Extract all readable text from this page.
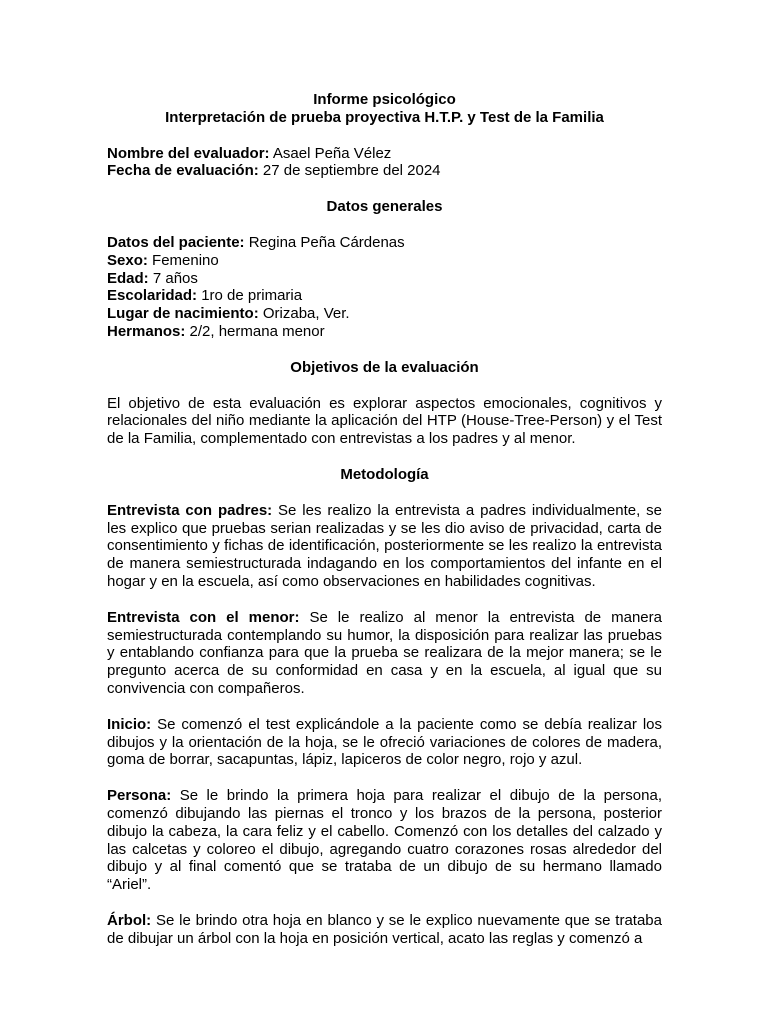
Informe psicológico
Interpretación de prueba proyectiva H.T.P. y Test de la Familia
Nombre del evaluador: Asael Peña Vélez
Fecha de evaluación: 27 de septiembre del 2024
Datos generales
Datos del paciente: Regina Peña Cárdenas
Sexo: Femenino
Edad: 7 años
Escolaridad: 1ro de primaria
Lugar de nacimiento: Orizaba, Ver.
Hermanos: 2/2, hermana menor
Objetivos de la evaluación

El objetivo de esta evaluación es explorar aspectos emocionales, cognitivos y relacionales del niño mediante la aplicación del HTP (House-Tree-Person) y el Test de la Familia, complementado con entrevistas a los padres y al menor.

Metodología

Entrevista con padres: Se les realizo la entrevista a padres individualmente, se les explico que pruebas serian realizadas y se les dio aviso de privacidad, carta de consentimiento y fichas de identificación, posteriormente se les realizo la entrevista de manera semiestructurada indagando en los comportamientos del infante en el hogar y en la escuela, así como observaciones en habilidades cognitivas.

Entrevista con el menor: Se le realizo al menor la entrevista de manera semiestructurada contemplando su humor, la disposición para realizar las pruebas y entablando confianza para que la prueba se realizara de la mejor manera; se le pregunto acerca de su conformidad en casa y en la escuela, al igual que su convivencia con compañeros.

Inicio: Se comenzó el test explicándole a la paciente como se debía realizar los dibujos y la orientación de la hoja, se le ofreció variaciones de colores de madera, goma de borrar, sacapuntas, lápiz, lapiceros de color negro, rojo y azul.

Persona: Se le brindo la primera hoja para realizar el dibujo de la persona, comenzó dibujando las piernas el tronco y los brazos de la persona, posterior dibujo la cabeza, la cara feliz y el cabello. Comenzó con los detalles del calzado y las calcetas y coloreo el dibujo, agregando cuatro corazones rosas alrededor del dibujo y al final comentó que se trataba de un dibujo de su hermano llamado “Ariel”.

Árbol: Se le brindo otra hoja en blanco y se le explico nuevamente que se trataba de dibujar un árbol con la hoja en posición vertical, acato las reglas y comenzó a
